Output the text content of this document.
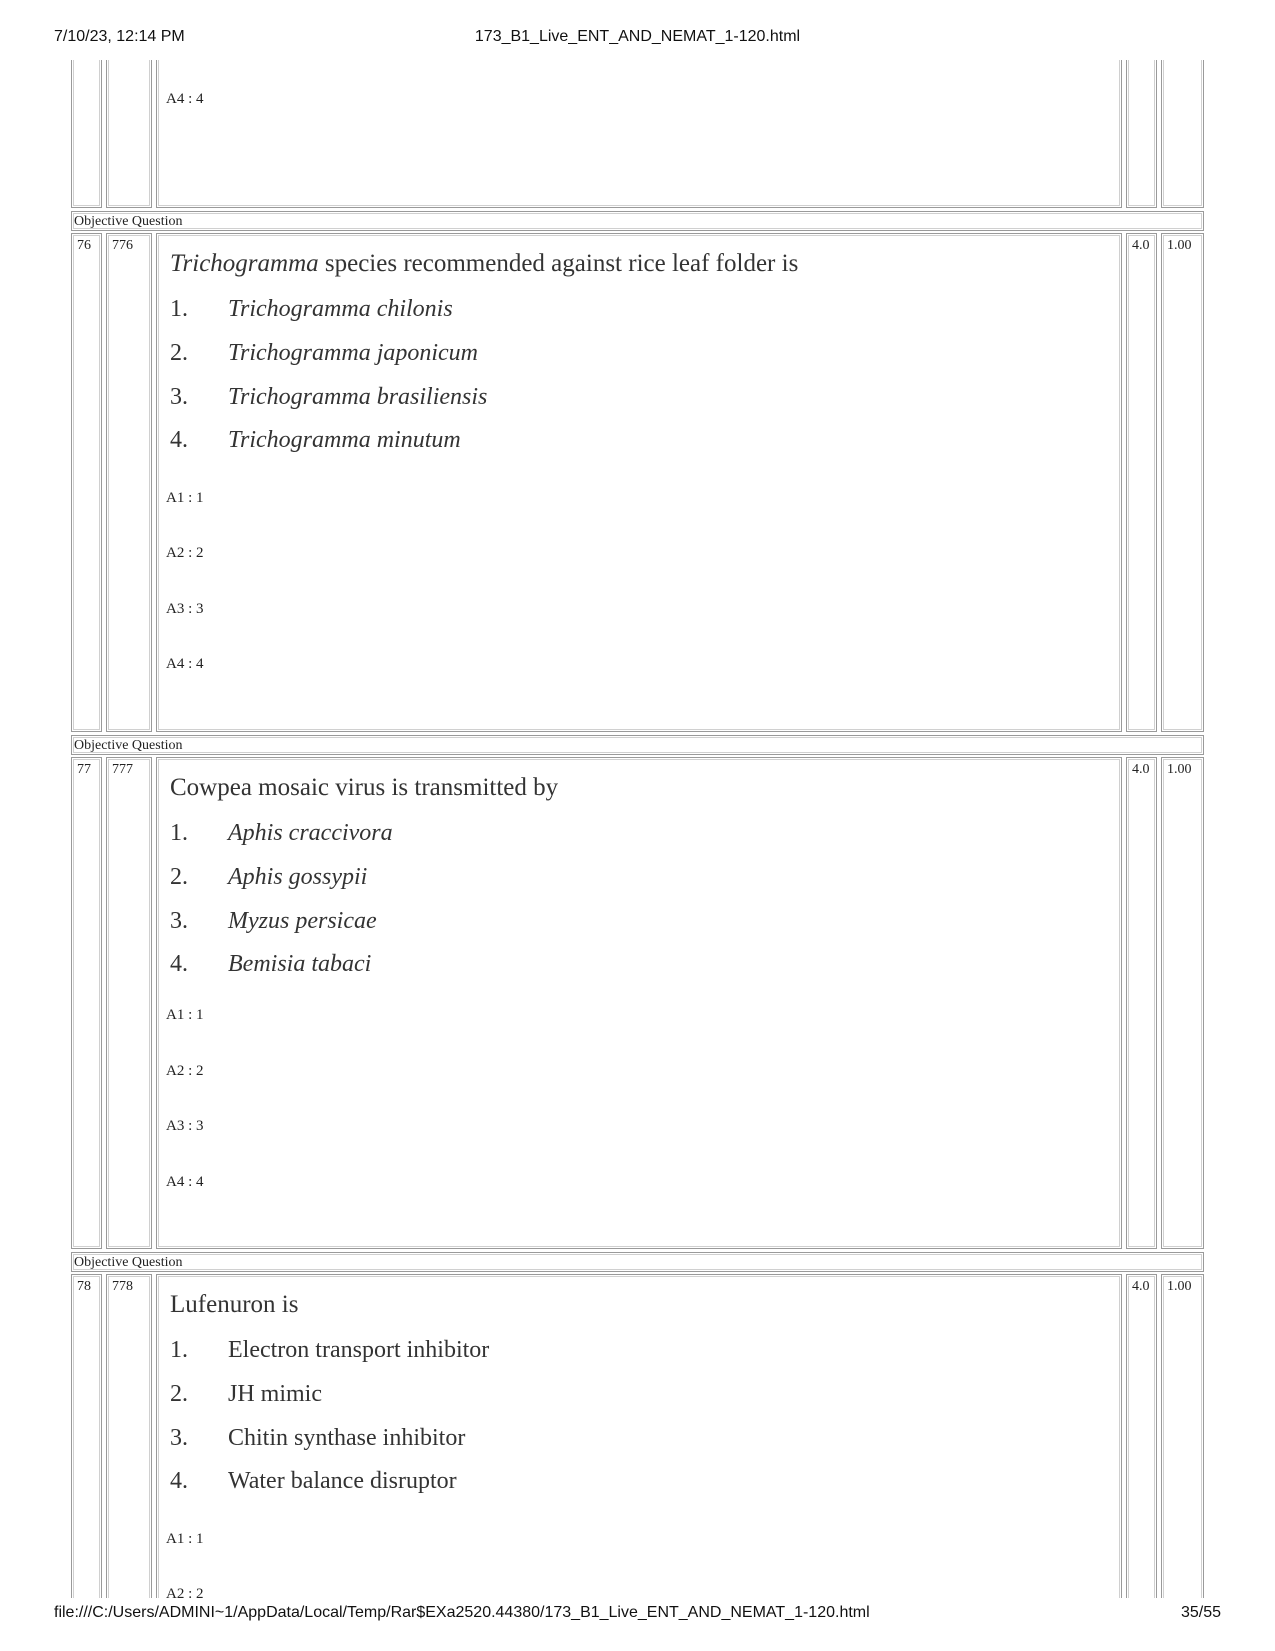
7/10/23, 12:14 PM	173_B1_Live_ENT_AND_NEMAT_1-120.html
A4 : 4
Objective Question
76 776
Trichogramma species recommended against rice leaf folder is
1. Trichogramma chilonis
2. Trichogramma japonicum
3. Trichogramma brasiliensis
4. Trichogramma minutum
A1 : 1
A2 : 2
A3 : 3
A4 : 4
4.0 1.00
Objective Question
77 777
Cowpea mosaic virus is transmitted by
1. Aphis craccivora
2. Aphis gossypii
3. Myzus persicae
4. Bemisia tabaci
A1 : 1
A2 : 2
A3 : 3
A4 : 4
4.0 1.00
Objective Question
78 778
Lufenuron is
1. Electron transport inhibitor
2. JH mimic
3. Chitin synthase inhibitor
4. Water balance disruptor
A1 : 1
A2 : 2
4.0 1.00
file:///C:/Users/ADMINI~1/AppData/Local/Temp/Rar$EXa2520.44380/173_B1_Live_ENT_AND_NEMAT_1-120.html	35/55
